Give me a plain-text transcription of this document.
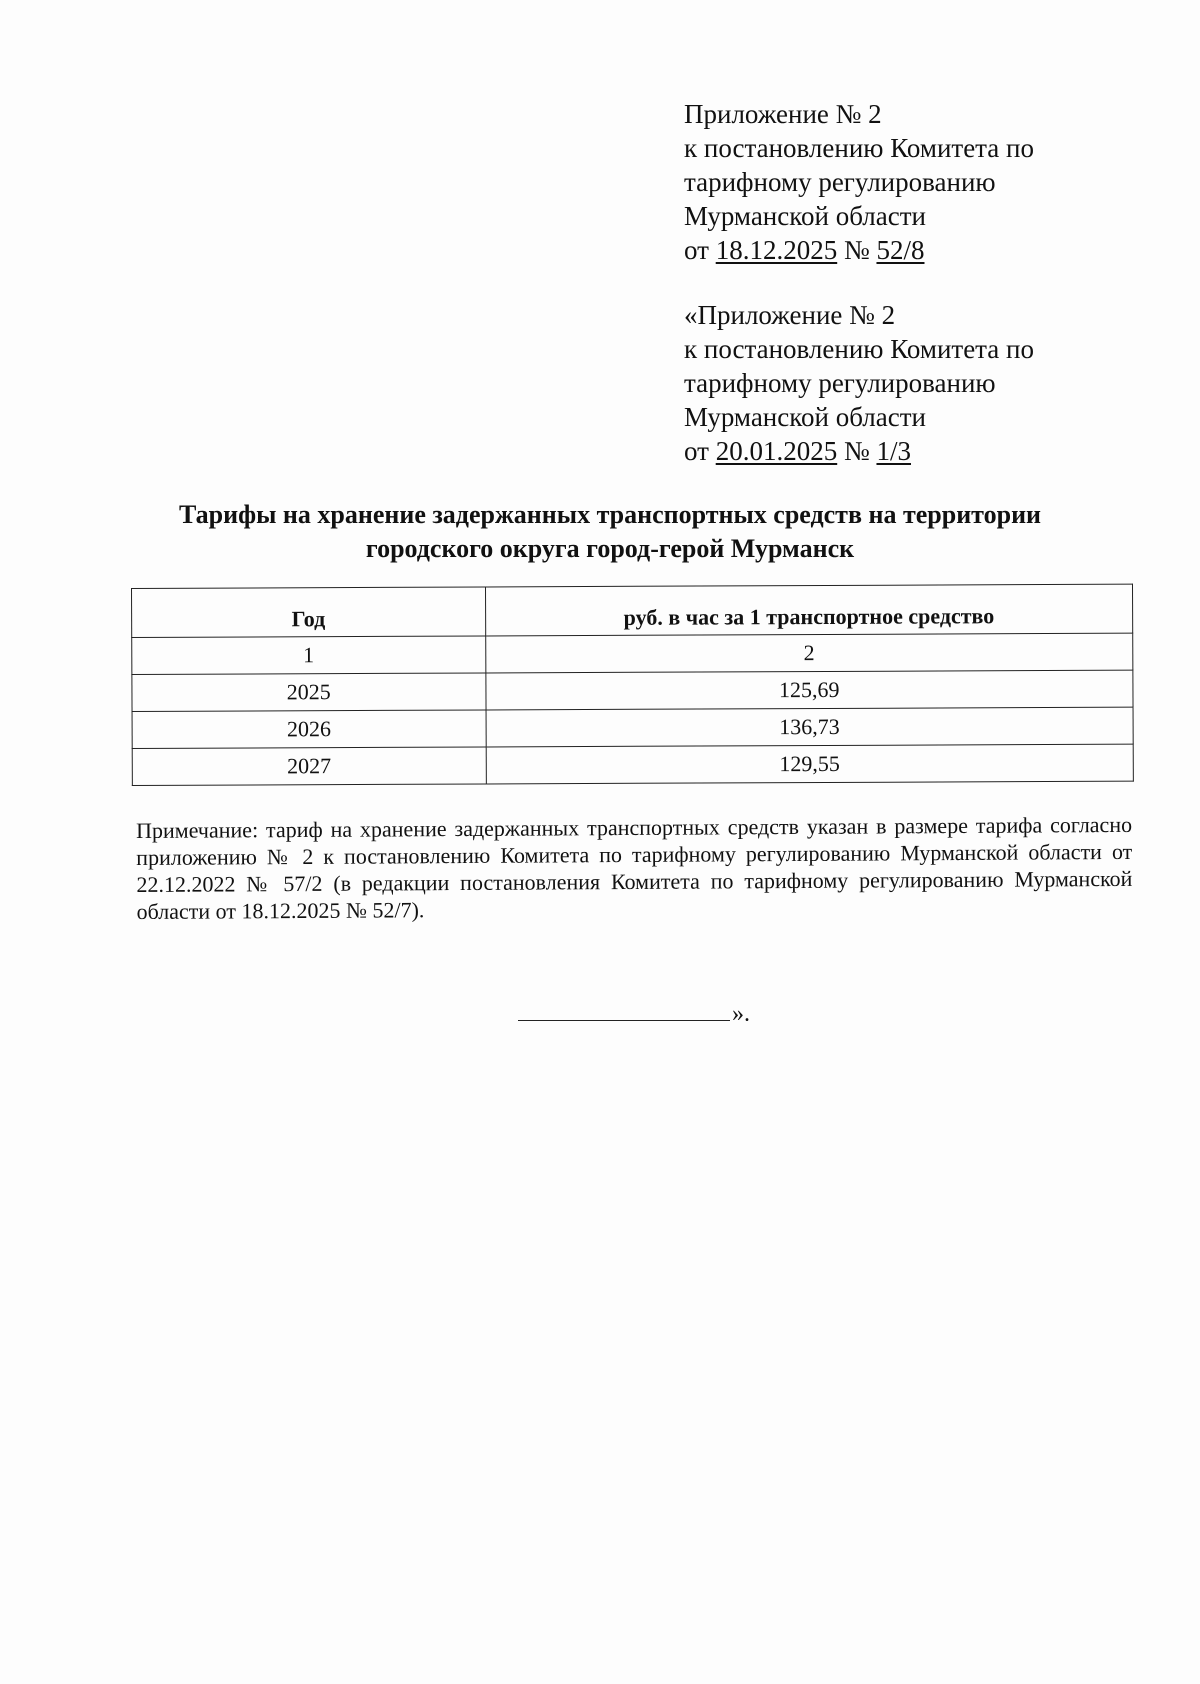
Приложение № 2
к постановлению Комитета по
тарифному регулированию
Мурманской области
от 18.12.2025 № 52/8
«Приложение № 2
к постановлению Комитета по
тарифному регулированию
Мурманской области
от 20.01.2025 № 1/3
Тарифы на хранение задержанных транспортных средств на территории
городского округа город-герой Мурманск
Год	руб. в час за 1 транспортное средство
1	2
2025	125,69
2026	136,73
2027	129,55
Примечание: тариф на хранение задержанных транспортных средств указан в размере тарифа согласно приложению № 2 к постановлению Комитета по тарифному регулированию Мурманской области от 22.12.2022 № 57/2 (в редакции постановления Комитета по тарифному регулированию Мурманской области от 18.12.2025 № 52/7).
».
